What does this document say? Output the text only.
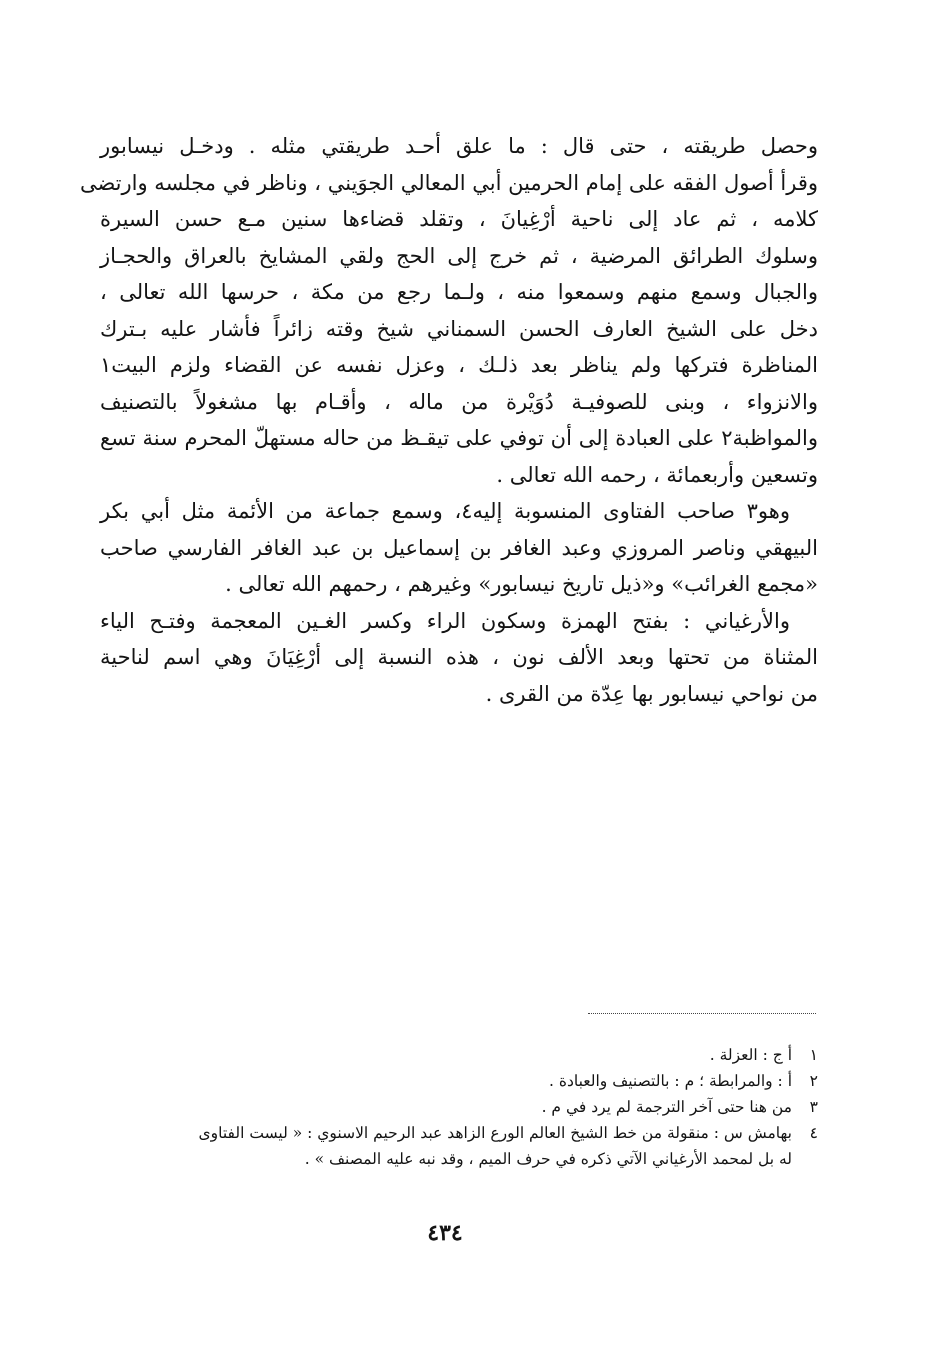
وحصل طريقته ، حتى قال : ما علق أحـد طريقتي مثله . ودخـل نيسابور
وقرأ أصول الفقه على إمام الحرمين أبي المعالي الجوَيني ، وناظر في مجلسه وارتضى
كلامه ، ثم عاد إلى ناحية أرْغِيانَ ، وتقلد قضاءها سنين مـع حسن السيرة
وسلوك الطرائق المرضية ، ثم خرج إلى الحج ولقي المشايخ بالعراق والحجـاز
والجبال وسمع منهم وسمعوا منه ، ولـما رجع من مكة ، حرسها الله تعالى ،
دخل على الشيخ العارف الحسن السمناني شيخ وقته زائراً فأشار عليه بـترك
المناظرة فتركها ولم يناظر بعد ذلـك ، وعزل نفسه عن القضاء ولزم البيت١
والانزواء ، وبنى للصوفيـة دُوَيْرة من ماله ، وأقـام بها مشغولاً بالتصنيف
والمواظبة٢ على العبادة إلى أن توفي على تيقـظ من حاله مستهلّ المحرم سنة تسع
وتسعين وأربعمائة ، رحمه الله تعالى .

وهو٣ صاحب الفتاوى المنسوبة إليه٤، وسمع جماعة من الأئمة مثل أبي بكر
البيهقي وناصر المروزي وعبد الغافر بن إسماعيل بن عبد الغافر الفارسي صاحب
«مجمع الغرائب» و«ذيل تاريخ نيسابور» وغيرهم ، رحمهم الله تعالى .

والأرغياني : بفتح الهمزة وسكون الراء وكسر الغـين المعجمة وفتـح الياء
المثناة من تحتها وبعد الألف نون ، هذه النسبة إلى أرْغِيَانَ وهي اسم لناحية
من نواحي نيسابور بها عِدّة من القرى .

١
أ ج : العزلة .
٢
أ : والمرابطة ؛ م : بالتصنيف والعبادة .
٣
من هنا حتى آخر الترجمة لم يرد في م .
٤
بهامش س : منقولة من خط الشيخ العالم الورع الزاهد عبد الرحيم الاسنوي : « ليست الفتاوى
له بل لمحمد الأرغياني الآتي ذكره في حرف الميم ، وقد نبه عليه المصنف » .
٤٣٤
